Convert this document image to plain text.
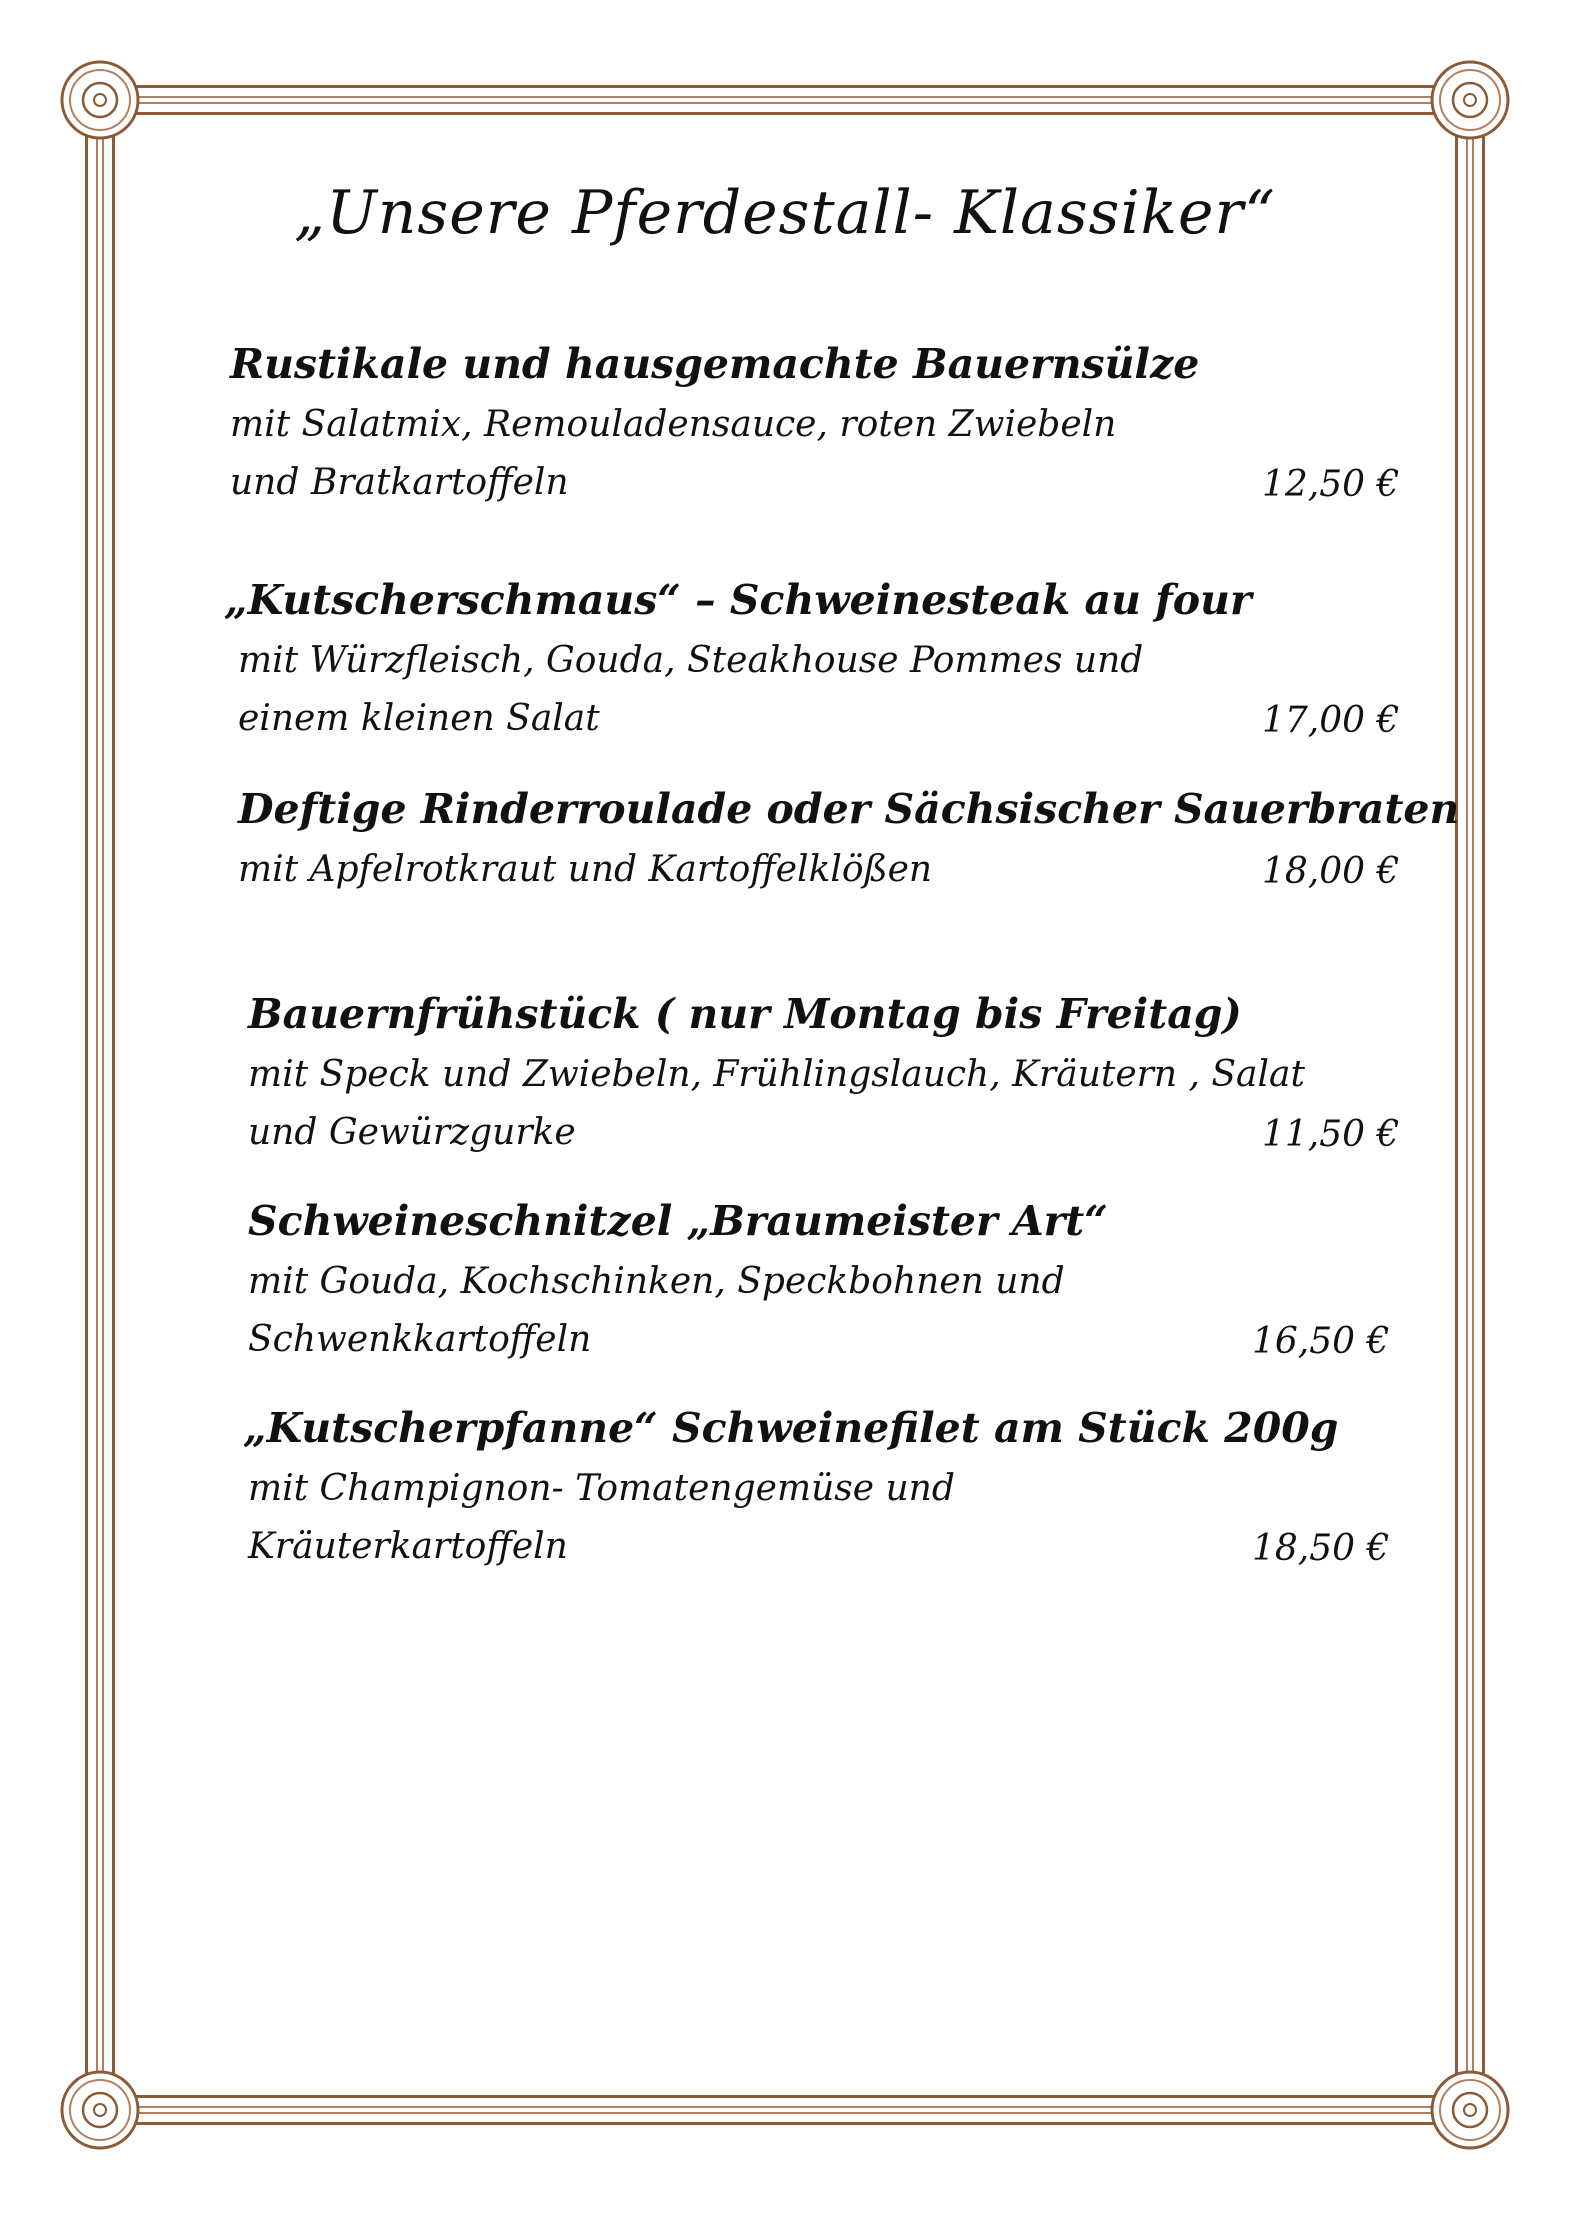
„Unsere Pferdestall- Klassiker“
Rustikale und hausgemachte Bauernsülze
mit Salatmix, Remouladensauce, roten Zwiebeln
und Bratkartoffeln	12,50 €
„Kutscherschmaus“ – Schweinesteak au four
mit Würzfleisch, Gouda, Steakhouse Pommes und
einem kleinen Salat	17,00 €
Deftige Rinderroulade oder Sächsischer Sauerbraten
mit Apfelrotkraut und Kartoffelklößen	18,00 €
Bauernfrühstück ( nur Montag bis Freitag)
mit Speck und Zwiebeln, Frühlingslauch, Kräutern , Salat
und Gewürzgurke	11,50 €
Schweineschnitzel „Braumeister Art“
mit Gouda, Kochschinken, Speckbohnen und
Schwenkkartoffeln	16,50 €
„Kutscherpfanne“ Schweinefilet am Stück 200g
mit Champignon- Tomatengemüse und
Kräuterkartoffeln	18,50 €
